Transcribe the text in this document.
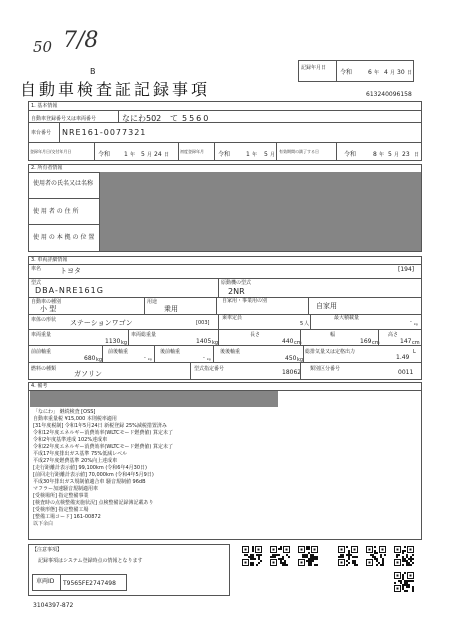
50 7/8
B
自動車検査証記録事項
記録年月日
令和	6 年 4 月 30 日
613240096158
1. 基本情報
自動車登録番号又は車両番号	なにわ 502 て 5560
車台番号 NRE161-0077321
登録年月日/交付年月日	令和 1 年 5 月 24 日
初度登録年月 令和	1 年 5 月
有効期間の満了する日	令和	8 年 5 月 23 日
2. 所有者情報
使用者の氏名又は名称
使 用 者 の 住 所
使 用 の 本 拠 の 位 置
3. 車両詳細情報
車名	トヨタ	[194]
型式
DBA-NRE161G
原動機の型式
2NR
自動車の種別
小 型
用途
乗用
自家用・事業用の別
自家用
車体の形状 ステーションワゴン	[003]
乗車定員
5 人
最大積載量
- kg
車両重量
1130 kg
車両総重量
1405 kg
長さ
440 cm
幅
169 cm
高さ
147 cm
前前軸重
680 kg
前後軸重
- kg
後前軸重
- kg
後後軸重
450 kg
総排気量又は定格出力
1.49
L
燃料の種類
ガソリン
型式指定番号	18062 類別区分番号	0011
4. 備考
「なにわ」 継続検査 [OSS]
自動車重量税 ¥15,000 本則税率適用
[31年度税制] 令和1年5月24日 新税登録 25%減税措置済み
令和12年度エネルギー消費効率(WLTCモード燃費値) 算定未了
令和2年度基準達成 102%達成車
令和22年度エネルギー消費効率(WLTCモード燃費値) 算定未了
平成17年度排出ガス基準 75%低減レベル
平成27年度燃費基準 20%向上達成車
[走行距離計表示値] 99,100km (令和6年4月30日)
[前回走行距離計表示値] 70,000km (令和4年5月9日)
平成30年排出ガス規制値適合車 騒音規制値 96dB
マフラー加速騒音規制適用車
[受検場所] 指定整備事業
[検査時の点検整備実施状況] 点検整備記録簿記載あり
[受検形態] 指定整備工場
[整備工場コード] 161-00872
以下余白
【注意事項】
記録事項はシステム登録時点の情報となります
車両ID T9565FE2747498
3104397-872
